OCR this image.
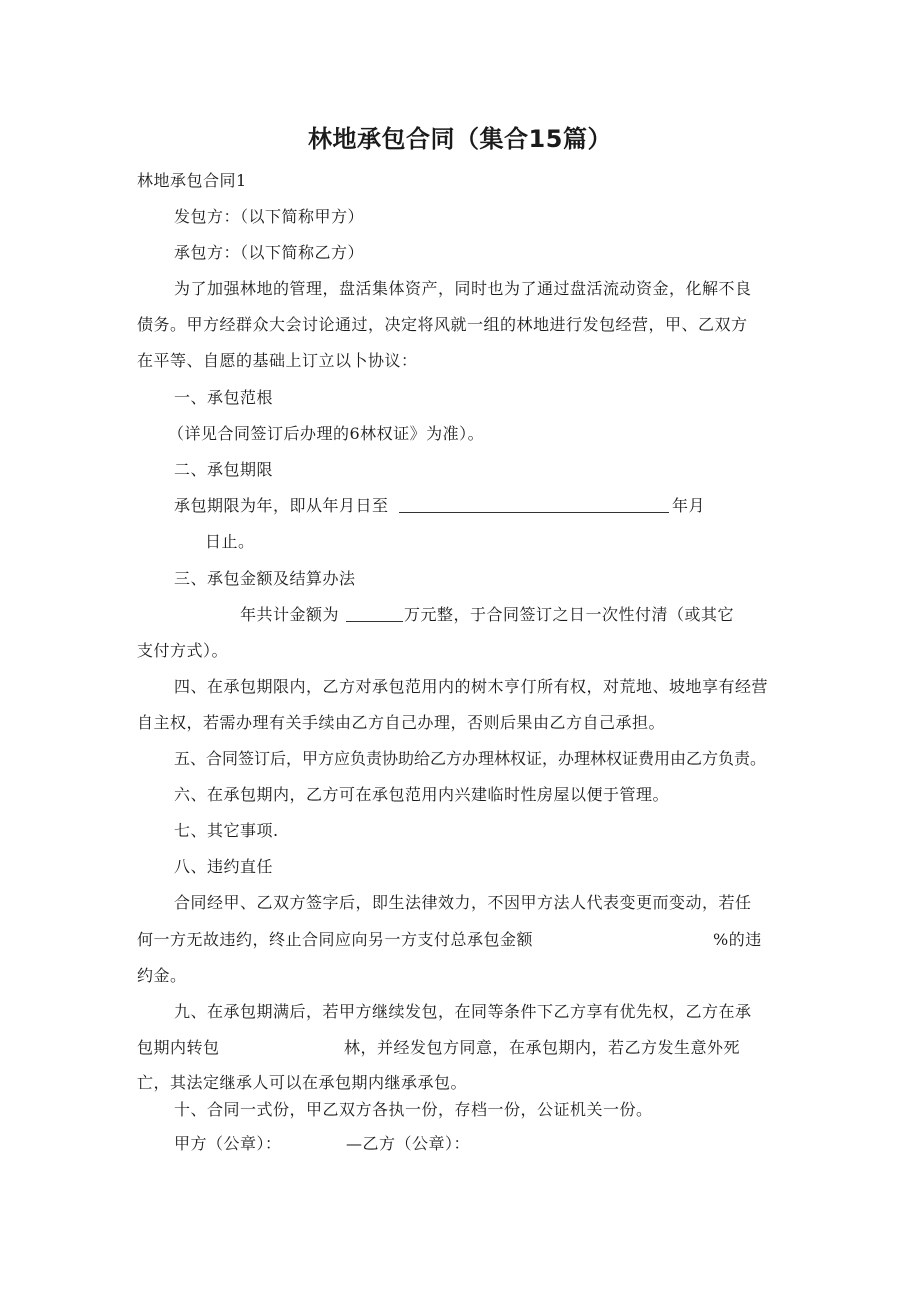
林地承包合同（集合15篇）
林地承包合同1
发包方：（以下简称甲方）
承包方：（以下简称乙方）
为了加强林地的管理，盘活集体资产，同时也为了通过盘活流动资金，化解不良
债务。甲方经群众大会讨论通过，决定将风就一组的林地进行发包经营，甲、乙双方
在平等、自愿的基础上订立以卜协议：
一、承包范根
（详见合同签订后办理的6林权证》为准）。
二、承包期限
承包期限为年，即从年月日至	年月
日止。
三、承包金额及结算办法
年共计金额为	万元整，于合同签订之日一次性付清（或其它
支付方式）。
四、在承包期限内，乙方对承包范用内的树木亨仃所有权，对荒地、坡地享有经营
自主权，若需办理有关手续由乙方自己办理，否则后果由乙方自己承担。
五、合同签订后，甲方应负责协助给乙方办理林权证，办理林权证费用由乙方负责。
六、在承包期内，乙方可在承包范用内兴建临时性房屋以便于管理。
七、其它事项.
八、违约直任
合同经甲、乙双方签字后，即生法律效力，不因甲方法人代表变更而变动，若任
何一方无故违约，终止合同应向另一方支付总承包金额	%的违
约金。
九、在承包期满后，若甲方继续发包，在同等条件下乙方享有优先权，乙方在承
包期内转包	林，并经发包方同意，在承包期内，若乙方发生意外死
亡，其法定继承人可以在承包期内继承承包。
十、合同一式份，甲乙双方各执一份，存档一份，公证机关一份。
甲方（公章）：	—乙方（公章）：
